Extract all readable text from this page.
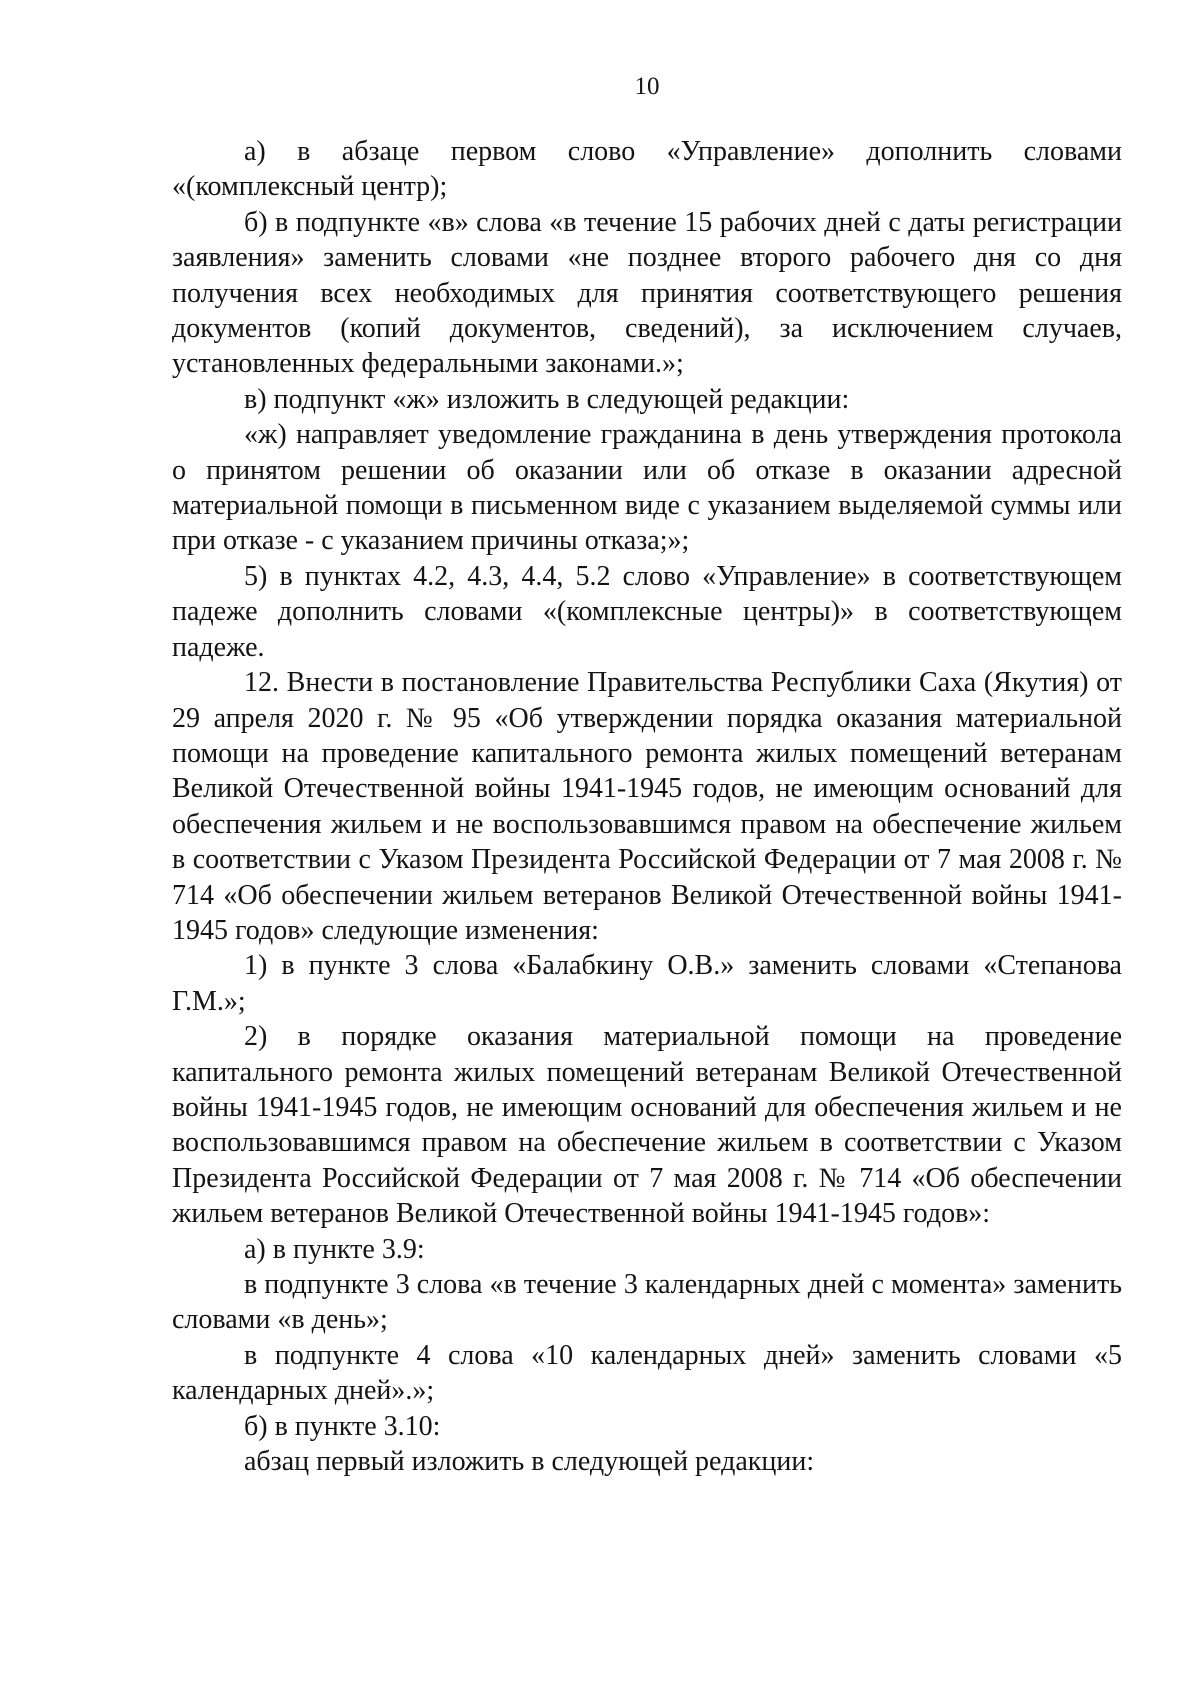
10

а) в абзаце первом слово «Управление» дополнить словами «(комплексный центр);

б) в подпункте «в» слова «в течение 15 рабочих дней с даты регистрации заявления» заменить словами «не позднее второго рабочего дня со дня получения всех необходимых для принятия соответствующего решения документов (копий документов, сведений), за исключением случаев, установленных федеральными законами.»;

в) подпункт «ж» изложить в следующей редакции:

«ж) направляет уведомление гражданина в день утверждения протокола о принятом решении об оказании или об отказе в оказании адресной материальной помощи в письменном виде с указанием выделяемой суммы или при отказе - с указанием причины отказа;»;

5) в пунктах 4.2, 4.3, 4.4, 5.2 слово «Управление» в соответствующем падеже дополнить словами «(комплексные центры)» в соответствующем падеже.

12. Внести в постановление Правительства Республики Саха (Якутия) от 29 апреля 2020 г. № 95 «Об утверждении порядка оказания материальной помощи на проведение капитального ремонта жилых помещений ветеранам Великой Отечественной войны 1941-1945 годов, не имеющим оснований для обеспечения жильем и не воспользовавшимся правом на обеспечение жильем в соответствии с Указом Президента Российской Федерации от 7 мая 2008 г. № 714 «Об обеспечении жильем ветеранов Великой Отечественной войны 1941-1945 годов» следующие изменения:

1) в пункте 3 слова «Балабкину О.В.» заменить словами «Степанова Г.М.»;

2) в порядке оказания материальной помощи на проведение капитального ремонта жилых помещений ветеранам Великой Отечественной войны 1941-1945 годов, не имеющим оснований для обеспечения жильем и не воспользовавшимся правом на обеспечение жильем в соответствии с Указом Президента Российской Федерации от 7 мая 2008 г. № 714 «Об обеспечении жильем ветеранов Великой Отечественной войны 1941-1945 годов»:

а) в пункте 3.9:

в подпункте 3 слова «в течение 3 календарных дней с момента» заменить словами «в день»;

в подпункте 4 слова «10 календарных дней» заменить словами «5 календарных дней».»;

б) в пункте 3.10:

абзац первый изложить в следующей редакции:
